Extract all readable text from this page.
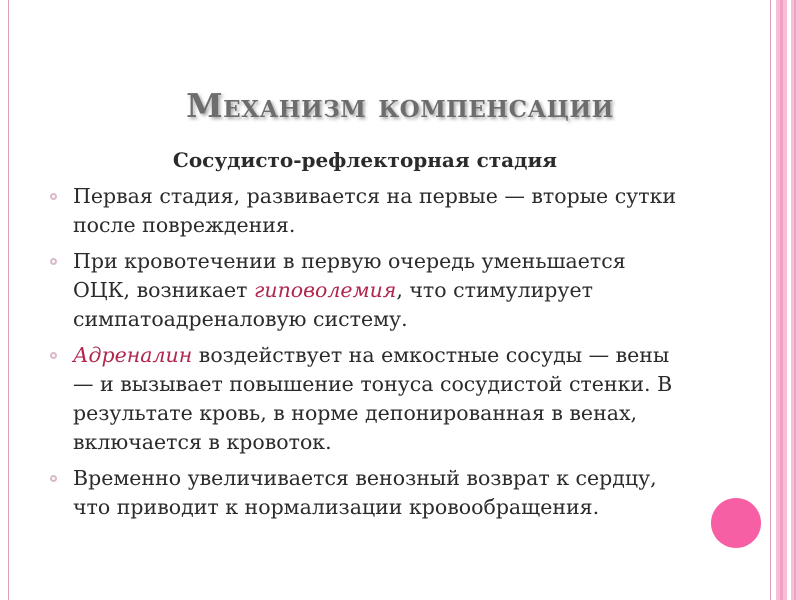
Механизм компенсации
Сосудисто-рефлекторная стадия
Первая стадия, развивается на первые — вторые сутки после повреждения.
При кровотечении в первую очередь уменьшается ОЦК, возникает гиповолемия, что стимулирует симпатоадреналовую систему.
Адреналин воздействует на емкостные сосуды — вены — и вызывает повышение тонуса сосудистой стенки. В результате кровь, в норме депонированная в венах, включается в кровоток.
Временно увеличивается венозный возврат к сердцу, что приводит к нормализации кровообращения.
